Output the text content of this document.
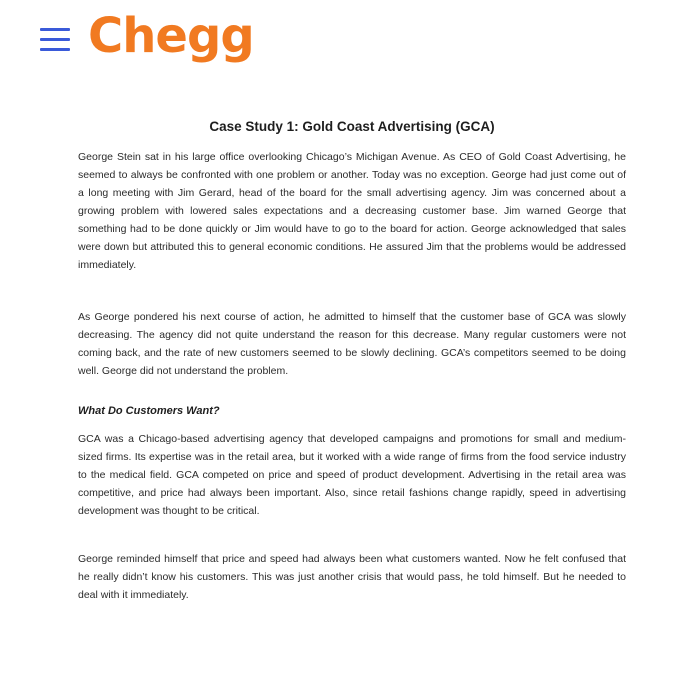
Chegg
Case Study 1: Gold Coast Advertising (GCA)

George Stein sat in his large office overlooking Chicago’s Michigan Avenue. As CEO of Gold Coast Advertising, he seemed to always be confronted with one problem or another. Today was no exception. George had just come out of a long meeting with Jim Gerard, head of the board for the small advertising agency. Jim was concerned about a growing problem with lowered sales expectations and a decreasing customer base. Jim warned George that something had to be done quickly or Jim would have to go to the board for action. George acknowledged that sales were down but attributed this to general economic conditions. He assured Jim that the problems would be addressed immediately.

As George pondered his next course of action, he admitted to himself that the customer base of GCA was slowly decreasing. The agency did not quite understand the reason for this decrease. Many regular customers were not coming back, and the rate of new customers seemed to be slowly declining. GCA’s competitors seemed to be doing well. George did not understand the problem.

What Do Customers Want?

GCA was a Chicago-based advertising agency that developed campaigns and promotions for small and medium-sized firms. Its expertise was in the retail area, but it worked with a wide range of firms from the food service industry to the medical field. GCA competed on price and speed of product development. Advertising in the retail area was competitive, and price had always been important. Also, since retail fashions change rapidly, speed in advertising development was thought to be critical.

George reminded himself that price and speed had always been what customers wanted. Now he felt confused that he really didn’t know his customers. This was just another crisis that would pass, he told himself. But he needed to deal with it immediately.
